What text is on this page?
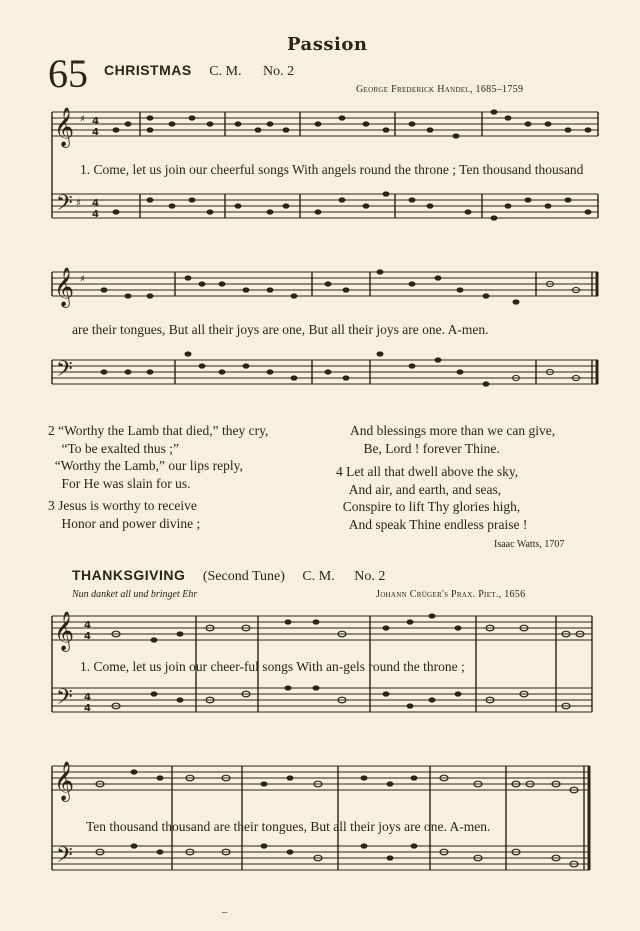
Passion
65 CHRISTMAS C. M. No. 2
George Frederick Handel, 1685–1759
𝄞
𝄢
♯
♯
4
4
4
4
𝄞 ♯
1. Come, let us join our cheerful songs With angels round the throne ; Ten thousand thousand
𝄢
are their tongues, But all their joys are one, But all their joys are one. A-men.
2 “Worthy the Lamb that died,” they cry,
“To be exalted thus ;”
“Worthy the Lamb,” our lips reply,
For He was slain for us.
3 Jesus is worthy to receive
Honor and power divine ;
And blessings more than we can give,
Be, Lord ! forever Thine.
4 Let all that dwell above the sky,
And air, and earth, and seas,
Conspire to lift Thy glories high,
And speak Thine endless praise !
Isaac Watts, 1707
THANKSGIVING (Second Tune) C. M. No. 2
Nun danket all und bringet Ehr	Johann Crüger's Prax. Piet., 1656
𝄞
𝄢
𝄞
𝄢
4
4
4
4
1. Come, let us join our cheer-ful songs With an-gels round the throne ;
Ten thousand thousand are their tongues, But all their joys are one. A-men.
–
